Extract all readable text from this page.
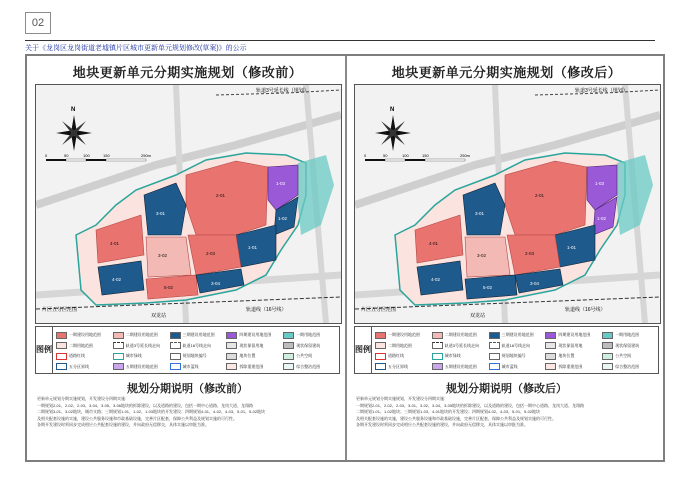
02
关于《龙岗区龙岗街道老墟镇片区城市更新单元规划修改(草案)》的公示
地块更新单元分期实施规划（修改前）
轨道3号延长线（规划）
N
0	50	100	150	250m
2-01
3-01
1-03
1-02
1-01
2-03
4-01
3-02
4-02
5-02
3-04
轨道线（16号线）
双龙站
片区五分区范围
图例
一期建设用地范围	二期建设用地范围	三期建设用地范围	四期建设用地范围	一期用地范围
二期用地范围	轨道3号延长线走向	轨道16号线走向	现状保留用地	现状保留建筑
道路红线	城市绿线	规划地块编号	地块位置	公共空间
五分区界线	五期建设用地范围	城市蓝线	拆除重建范围	综合整治范围
规划分期说明（修改前）
更新单元规划分期实施规划，开发建设分四期实施：
一期规划2-01、2-02、2-03、3-04、3-05、3-06地块的拆除建设，以及道路的建设，包括一期中心道路、龙岗大道、龙翔路
二期规划3-01、3-02地块，城市支路；三期规划1-01、1-02、1-03地块的开发建设；四期规划4-01、4-02、4-03、5-01、5-02地块
及相关配套设施的实施，建设公共服务设施和市政基础设施，完善片区配套，保障公共利益及规划实施的可行性。
各期开发建设时须同步完成相应公共配套设施的建设，并向政府无偿移交，具体实施以审批为准。
地块更新单元分期实施规划（修改后）
轨道3号延长线（规划）
N
0	50	100	150	250m
2-01
3-01
1-03
1-02
1-01
2-03
4-01
3-02
4-02
5-02
3-04
轨道线（16号线）
双龙站
片区五分区范围
图例
一期建设用地范围	二期建设用地范围	三期建设用地范围	四期建设用地范围	一期用地范围
二期用地范围	轨道3号延长线走向	轨道16号线走向	现状保留用地	现状保留建筑
道路红线	城市绿线	规划地块编号	地块位置	公共空间
五分区界线	五期建设用地范围	城市蓝线	拆除重建范围	综合整治范围
规划分期说明（修改后）
更新单元规划分期实施规划，开发建设分四期实施：
一期规划2-01、2-02、2-03、3-01、3-02、3-04、3-05地块的拆除建设，以及道路的建设，包括一期中心道路、龙岗大道、龙翔路
二期规划1-01、1-02地块；三期规划1-03、4-01地块的开发建设；四期规划4-02、4-03、5-01、5-02地块
及相关配套设施的实施，建设公共服务设施和市政基础设施，完善片区配套，保障公共利益及规划实施的可行性。
各期开发建设时须同步完成相应公共配套设施的建设，并向政府无偿移交，具体实施以审批为准。
